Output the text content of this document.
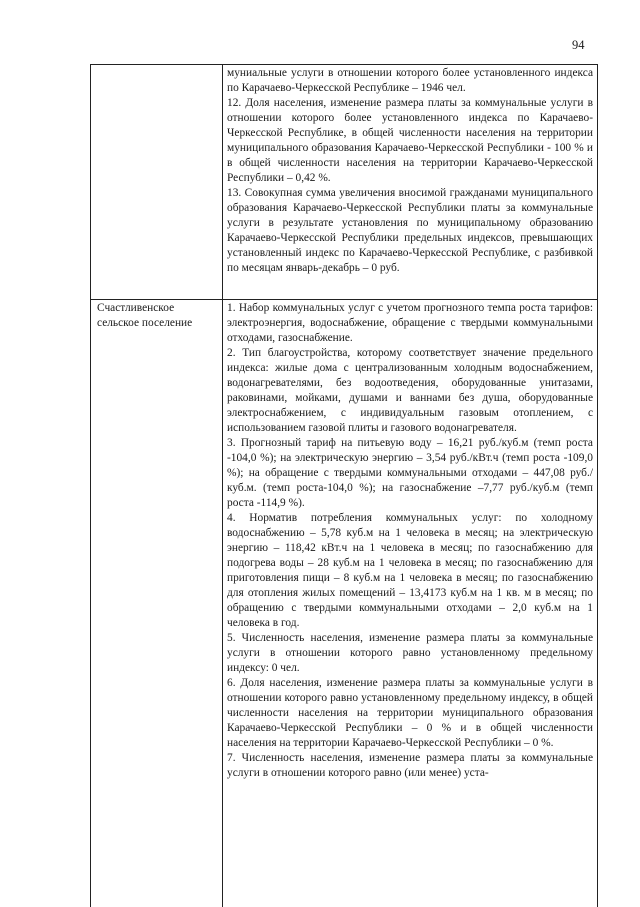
94

муниальные услуги в отношении которого более установленного индекса по Карачаево-Черкесской Республике – 1946 чел.

12. Доля населения, изменение размера платы за коммунальные услуги в отношении которого более установленного индекса по Карачаево-Черкесской Республике, в общей численности населения на территории муниципального образования Карачаево-Черкесской Республики - 100 % и в общей численности населения на территории Карачаево-Черкесской Республики – 0,42 %.

13. Совокупная сумма увеличения вносимой гражданами муниципального образования Карачаево-Черкесской Республики платы за коммунальные услуги в результате установления по муниципальному образованию Карачаево-Черкесской Республики предельных индексов, превышающих установленный индекс по Карачаево-Черкесской Республике, с разбивкой по месяцам январь-декабрь – 0 руб.

Счастливенское сельское поселение

1. Набор коммунальных услуг с учетом прогнозного темпа роста тарифов: электроэнергия, водоснабжение, обращение с твердыми коммунальными отходами, газоснабжение.

2. Тип благоустройства, которому соответствует значение предельного индекса: жилые дома с централизованным холодным водоснабжением, водонагревателями, без водоотведения, оборудованные унитазами, раковинами, мойками, душами и ваннами без душа, оборудованные электроснабжением, с индивидуальным газовым отоплением, с использованием газовой плиты и газового водонагревателя.

3. Прогнозный тариф на питьевую воду – 16,21 руб./куб.м (темп роста -104,0 %); на электрическую энергию – 3,54 руб./кВт.ч (темп роста -109,0 %); на обращение с твердыми коммунальными отходами – 447,08 руб./куб.м. (темп роста-104,0 %); на газоснабжение –7,77 руб./куб.м (темп роста -114,9 %).

4. Норматив потребления коммунальных услуг: по холодному водоснабжению – 5,78 куб.м на 1 человека в месяц; на электрическую энергию – 118,42 кВт.ч на 1 человека в месяц; по газоснабжению для подогрева воды – 28 куб.м на 1 человека в месяц; по газоснабжению для приготовления пищи – 8 куб.м на 1 человека в месяц; по газоснабжению для отопления жилых помещений – 13,4173 куб.м на 1 кв. м в месяц; по обращению с твердыми коммунальными отходами – 2,0 куб.м на 1 человека в год.

5. Численность населения, изменение размера платы за коммунальные услуги в отношении которого равно установленному предельному индексу: 0 чел.

6. Доля населения, изменение размера платы за коммунальные услуги в отношении которого равно установленному предельному индексу, в общей численности населения на территории муниципального образования Карачаево-Черкесской Республики – 0 % и в общей численности населения на территории Карачаево-Черкесской Республики – 0 %.

7. Численность населения, изменение размера платы за коммунальные услуги в отношении которого равно (или менее) уста-
